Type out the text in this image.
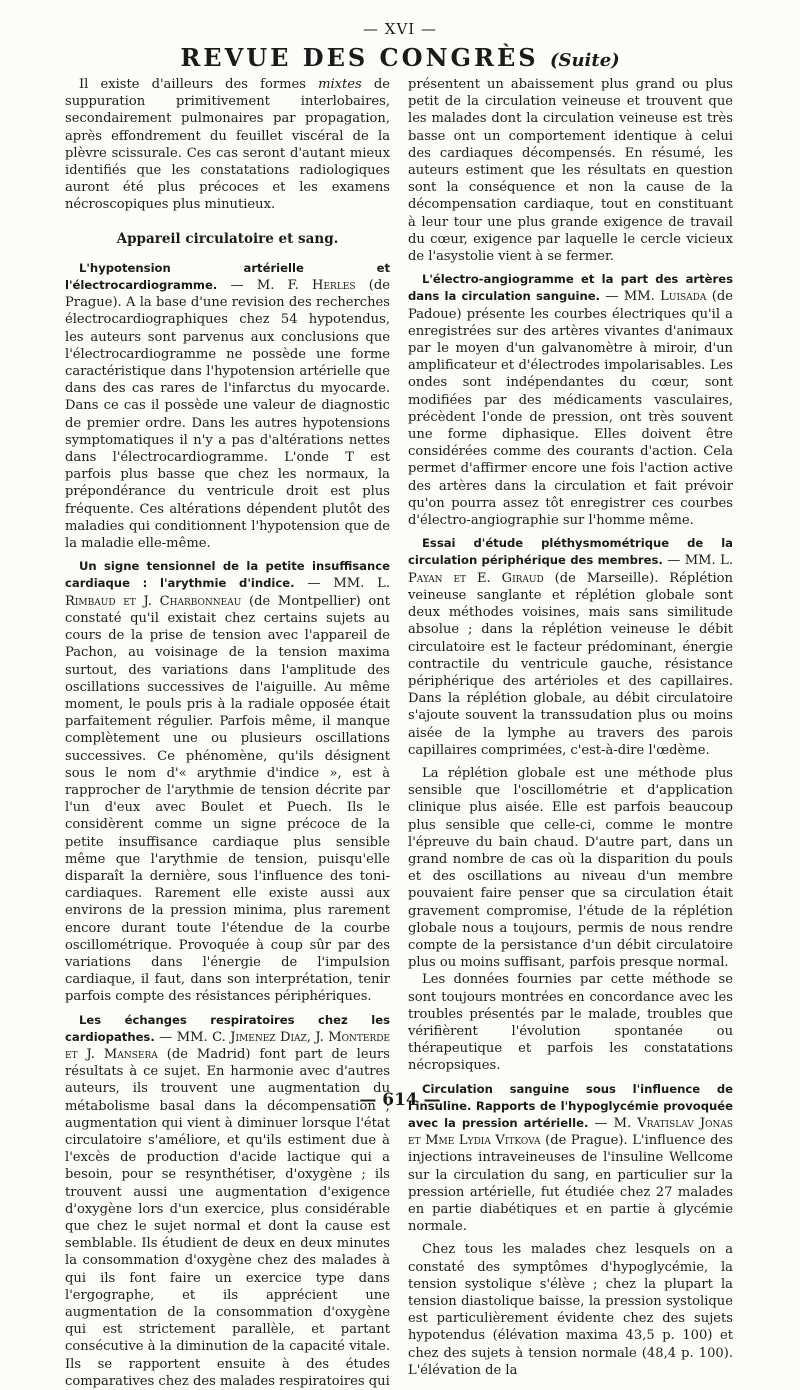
— XVI —
REVUE DES CONGRÈS (Suite)

Il existe d'ailleurs des formes mixtes de suppuration primitivement interlobaires, secondairement pulmonaires par propagation, après effondrement du feuillet viscéral de la plèvre scissurale. Ces cas seront d'autant mieux identifiés que les constatations radiologiques auront été plus précoces et les examens nécroscopiques plus minutieux.

Appareil circulatoire et sang.

L'hypotension artérielle et l'électrocardiogramme. — M. F. Herles (de Prague). A la base d'une revision des recherches électrocardiographiques chez 54 hypotendus, les auteurs sont parvenus aux conclusions que l'électrocardiogramme ne possède une forme caractéristique dans l'hypotension artérielle que dans des cas rares de l'infarctus du myocarde. Dans ce cas il possède une valeur de diagnostic de premier ordre. Dans les autres hypotensions symptomatiques il n'y a pas d'altérations nettes dans l'électrocardiogramme. L'onde T est parfois plus basse que chez les normaux, la prépondérance du ventricule droit est plus fréquente. Ces altérations dépendent plutôt des maladies qui conditionnent l'hypotension que de la maladie elle-même.

Un signe tensionnel de la petite insuffisance cardiaque : l'arythmie d'indice. — MM. L. Rimbaud et J. Charbonneau (de Montpellier) ont constaté qu'il existait chez certains sujets au cours de la prise de tension avec l'appareil de Pachon, au voisinage de la tension maxima surtout, des variations dans l'amplitude des oscillations successives de l'aiguille. Au même moment, le pouls pris à la radiale opposée était parfaitement régulier. Parfois même, il manque complètement une ou plusieurs oscillations successives. Ce phénomène, qu'ils désignent sous le nom d'« arythmie d'indice », est à rapprocher de l'arythmie de tension décrite par l'un d'eux avec Boulet et Puech. Ils le considèrent comme un signe précoce de la petite insuffisance cardiaque plus sensible même que l'arythmie de tension, puisqu'elle disparaît la dernière, sous l'influence des toni-cardiaques. Rarement elle existe aussi aux environs de la pression minima, plus rarement encore durant toute l'étendue de la courbe oscillométrique. Provoquée à coup sûr par des variations dans l'énergie de l'impulsion cardiaque, il faut, dans son interprétation, tenir parfois compte des résistances périphériques.

Les échanges respiratoires chez les cardiopathes. — MM. C. Jimenez Diaz, J. Monterde et J. Mansera (de Madrid) font part de leurs résultats à ce sujet. En harmonie avec d'autres auteurs, ils trouvent une augmentation du métabolisme basal dans la décompensation ; augmentation qui vient à diminuer lorsque l'état circulatoire s'améliore, et qu'ils estiment due à l'excès de production d'acide lactique qui a besoin, pour se resynthétiser, d'oxygène ; ils trouvent aussi une augmentation d'exigence d'oxygène lors d'un exercice, plus considérable que chez le sujet normal et dont la cause est semblable. Ils étudient de deux en deux minutes la consommation d'oxygène chez des malades à qui ils font faire un exercice type dans l'ergographe, et ils apprécient une augmentation de la consommation d'oxygène qui est strictement parallèle, et partant consécutive à la diminution de la capacité vitale. Ils se rapportent ensuite à des études comparatives chez des malades respiratoires qui

présentent un abaissement plus grand ou plus petit de la circulation veineuse et trouvent que les malades dont la circulation veineuse est très basse ont un comportement identique à celui des cardiaques décompensés. En résumé, les auteurs estiment que les résultats en question sont la conséquence et non la cause de la décompensation cardiaque, tout en constituant à leur tour une plus grande exigence de travail du cœur, exigence par laquelle le cercle vicieux de l'asystolie vient à se fermer.

L'électro-angiogramme et la part des artères dans la circulation sanguine. — MM. Luisada (de Padoue) présente les courbes électriques qu'il a enregistrées sur des artères vivantes d'animaux par le moyen d'un galvanomètre à miroir, d'un amplificateur et d'électrodes impolarisables. Les ondes sont indépendantes du cœur, sont modifiées par des médicaments vasculaires, précèdent l'onde de pression, ont très souvent une forme diphasique. Elles doivent être considérées comme des courants d'action. Cela permet d'affirmer encore une fois l'action active des artères dans la circulation et fait prévoir qu'on pourra assez tôt enregistrer ces courbes d'électro-angiographie sur l'homme même.

Essai d'étude pléthysmométrique de la circulation périphérique des membres. — MM. L. Payan et E. Giraud (de Marseille). Réplétion veineuse sanglante et réplétion globale sont deux méthodes voisines, mais sans similitude absolue ; dans la réplétion veineuse le débit circulatoire est le facteur prédominant, énergie contractile du ventricule gauche, résistance périphérique des artérioles et des capillaires. Dans la réplétion globale, au débit circulatoire s'ajoute souvent la transsudation plus ou moins aisée de la lymphe au travers des parois capillaires comprimées, c'est-à-dire l'œdème.

La réplétion globale est une méthode plus sensible que l'oscillométrie et d'application clinique plus aisée. Elle est parfois beaucoup plus sensible que celle-ci, comme le montre l'épreuve du bain chaud. D'autre part, dans un grand nombre de cas où la disparition du pouls et des oscillations au niveau d'un membre pouvaient faire penser que sa circulation était gravement compromise, l'étude de la réplétion globale nous a toujours, permis de nous rendre compte de la persistance d'un débit circulatoire plus ou moins suffisant, parfois presque normal.

Les données fournies par cette méthode se sont toujours montrées en concordance avec les troubles présentés par le malade, troubles que vérifièrent l'évolution spontanée ou thérapeutique et parfois les constatations nécropsiques.

Circulation sanguine sous l'influence de l'insuline. Rapports de l'hypoglycémie provoquée avec la pression artérielle. — M. Vratislav Jonas et Mme Lydia Vitkova (de Prague). L'influence des injections intraveineuses de l'insuline Wellcome sur la circulation du sang, en particulier sur la pression artérielle, fut étudiée chez 27 malades en partie diabétiques et en partie à glycémie normale.

Chez tous les malades chez lesquels on a constaté des symptômes d'hypoglycémie, la tension systolique s'élève ; chez la plupart la tension diastolique baisse, la pression systolique est particulièrement évidente chez des sujets hypotendus (élévation maxima 43,5 p. 100) et chez des sujets à tension normale (48,4 p. 100). L'élévation de la

— 614 —
